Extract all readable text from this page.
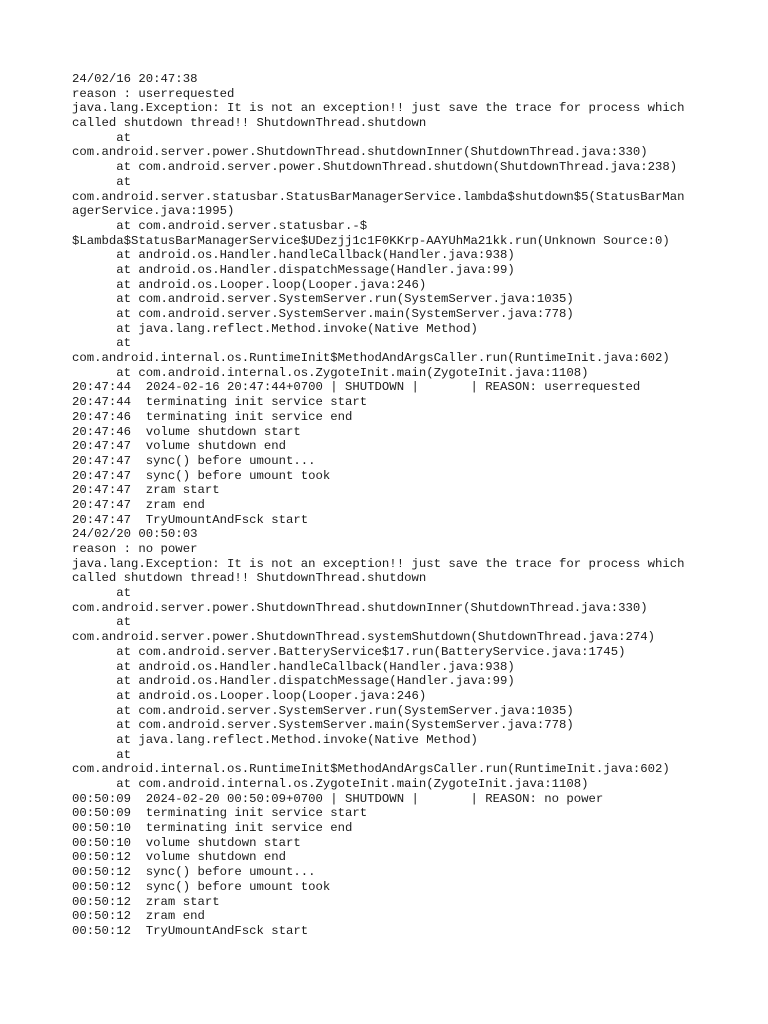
24/02/16 20:47:38
reason : userrequested
java.lang.Exception: It is not an exception!! just save the trace for process which
called shutdown thread!! ShutdownThread.shutdown
at
com.android.server.power.ShutdownThread.shutdownInner(ShutdownThread.java:330)
at com.android.server.power.ShutdownThread.shutdown(ShutdownThread.java:238)
at
com.android.server.statusbar.StatusBarManagerService.lambda$shutdown$5(StatusBarMan
agerService.java:1995)
at com.android.server.statusbar.-$
$Lambda$StatusBarManagerService$UDezjj1c1F0KKrp-AAYUhMa21kk.run(Unknown Source:0)
at android.os.Handler.handleCallback(Handler.java:938)
at android.os.Handler.dispatchMessage(Handler.java:99)
at android.os.Looper.loop(Looper.java:246)
at com.android.server.SystemServer.run(SystemServer.java:1035)
at com.android.server.SystemServer.main(SystemServer.java:778)
at java.lang.reflect.Method.invoke(Native Method)
at
com.android.internal.os.RuntimeInit$MethodAndArgsCaller.run(RuntimeInit.java:602)
at com.android.internal.os.ZygoteInit.main(ZygoteInit.java:1108)
20:47:44  2024-02-16 20:47:44+0700 | SHUTDOWN |       | REASON: userrequested
20:47:44  terminating init service start
20:47:46  terminating init service end
20:47:46  volume shutdown start
20:47:47  volume shutdown end
20:47:47  sync() before umount...
20:47:47  sync() before umount took
20:47:47  zram start
20:47:47  zram end
20:47:47  TryUmountAndFsck start
24/02/20 00:50:03
reason : no power
java.lang.Exception: It is not an exception!! just save the trace for process which
called shutdown thread!! ShutdownThread.shutdown
at
com.android.server.power.ShutdownThread.shutdownInner(ShutdownThread.java:330)
at
com.android.server.power.ShutdownThread.systemShutdown(ShutdownThread.java:274)
at com.android.server.BatteryService$17.run(BatteryService.java:1745)
at android.os.Handler.handleCallback(Handler.java:938)
at android.os.Handler.dispatchMessage(Handler.java:99)
at android.os.Looper.loop(Looper.java:246)
at com.android.server.SystemServer.run(SystemServer.java:1035)
at com.android.server.SystemServer.main(SystemServer.java:778)
at java.lang.reflect.Method.invoke(Native Method)
at
com.android.internal.os.RuntimeInit$MethodAndArgsCaller.run(RuntimeInit.java:602)
at com.android.internal.os.ZygoteInit.main(ZygoteInit.java:1108)
00:50:09  2024-02-20 00:50:09+0700 | SHUTDOWN |       | REASON: no power
00:50:09  terminating init service start
00:50:10  terminating init service end
00:50:10  volume shutdown start
00:50:12  volume shutdown end
00:50:12  sync() before umount...
00:50:12  sync() before umount took
00:50:12  zram start
00:50:12  zram end
00:50:12  TryUmountAndFsck start
